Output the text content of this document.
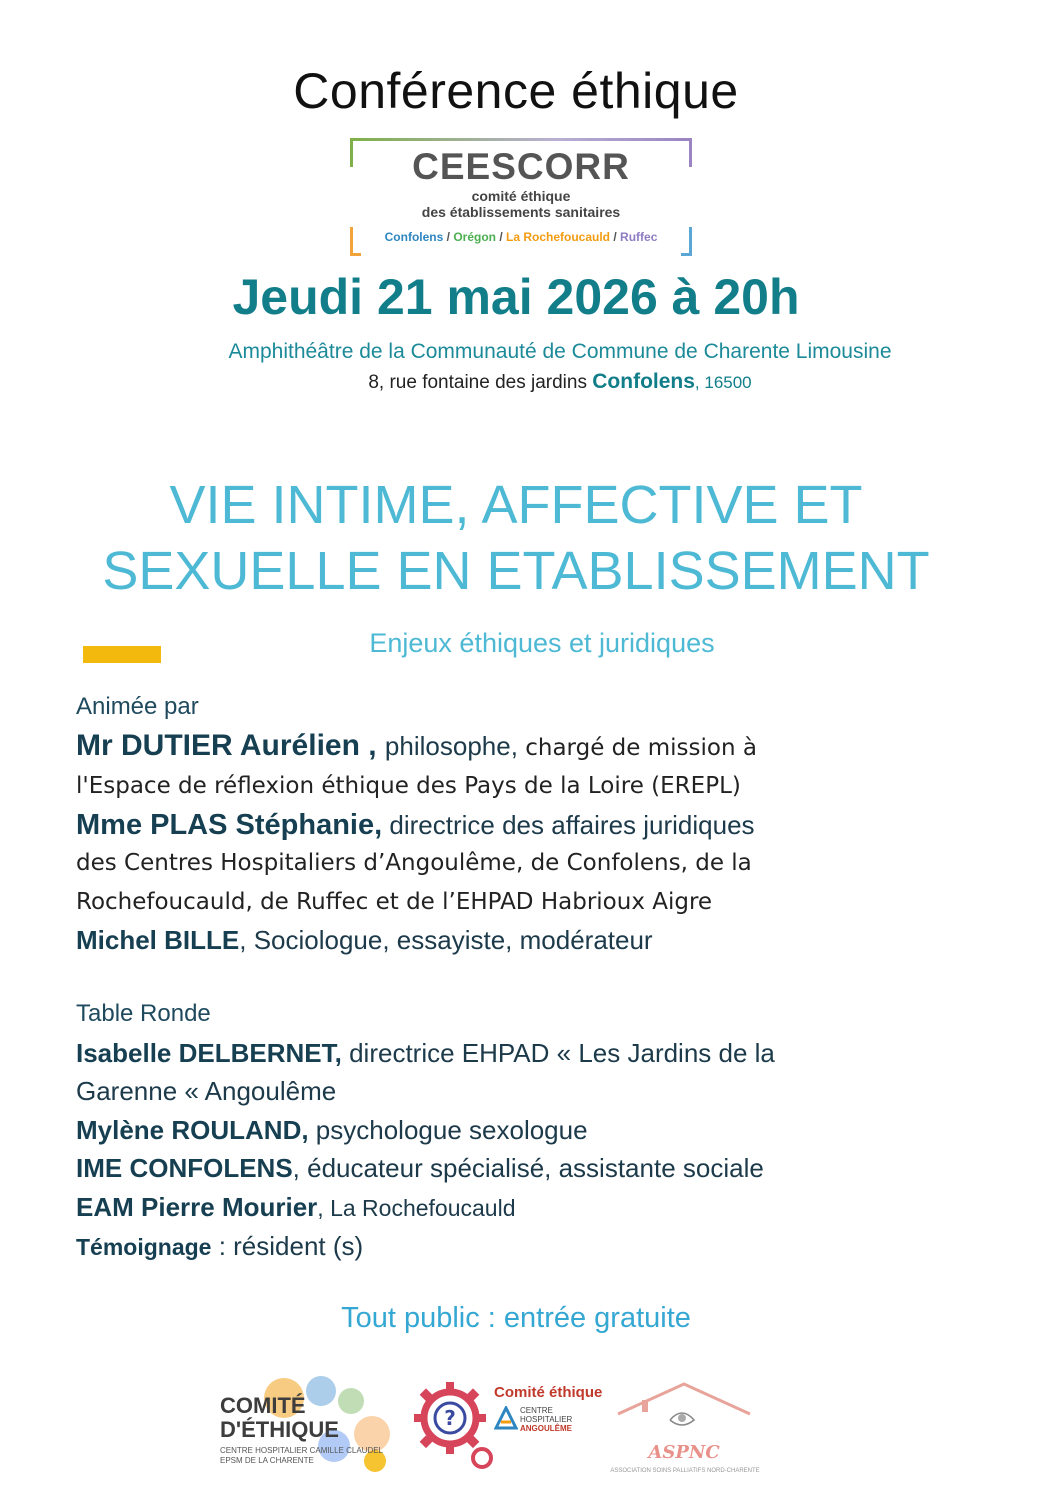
Conférence éthique
CEESCORR
comité éthique
des établissements sanitaires
Confolens / Orégon / La Rochefoucauld / Ruffec
Jeudi 21 mai 2026 à 20h
Amphithéâtre de la Communauté de Commune de Charente Limousine
8, rue fontaine des jardins Confolens, 16500
VIE INTIME, AFFECTIVE ET
SEXUELLE EN ETABLISSEMENT
Enjeux éthiques et juridiques
Animée par
Mr DUTIER Aurélien , philosophe, chargé de mission à
l'Espace de réflexion éthique des Pays de la Loire (EREPL)
Mme PLAS Stéphanie, directrice des affaires juridiques
des Centres Hospitaliers d’Angoulême, de Confolens, de la
Rochefoucauld, de Ruffec et de l’EHPAD Habrioux Aigre
Michel BILLE, Sociologue, essayiste, modérateur
Table Ronde
Isabelle DELBERNET, directrice EHPAD « Les Jardins de la
Garenne « Angoulême
Mylène ROULAND, psychologue sexologue
IME CONFOLENS, éducateur spécialisé, assistante sociale
EAM Pierre Mourier, La Rochefoucauld
Témoignage : résident (s)
Tout public : entrée gratuite
COMITÉ
D'ÉTHIQUE
CENTRE HOSPITALIER CAMILLE CLAUDEL
EPSM DE LA CHARENTE
?
Comité éthique
CENTRE
HOSPITALIER
ANGOULÊME
ASPNC
ASSOCIATION SOINS PALLIATIFS NORD-CHARENTE
